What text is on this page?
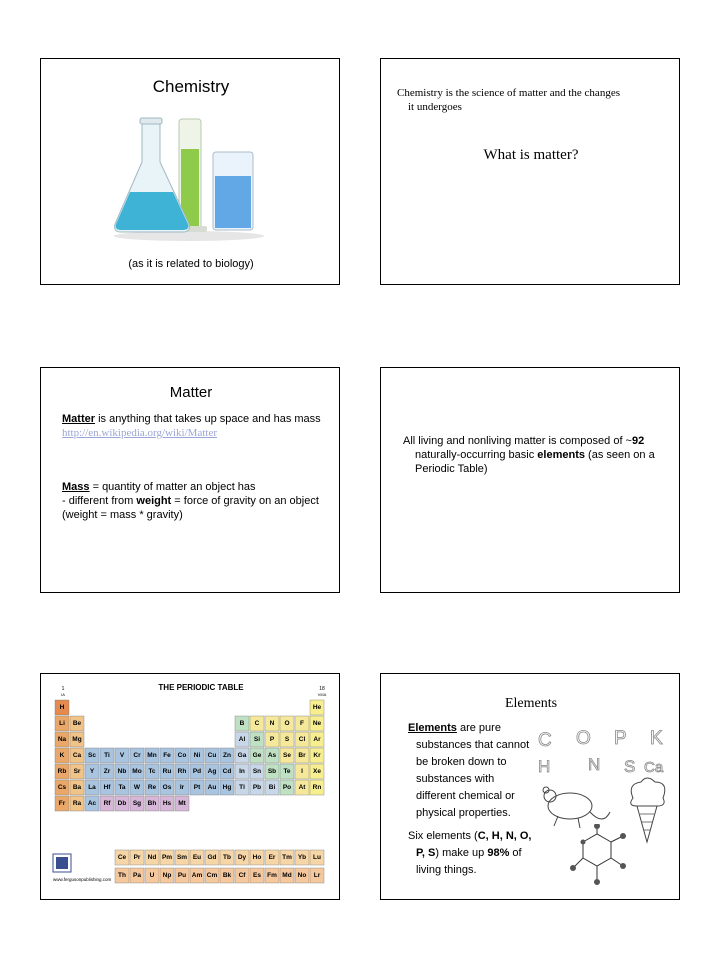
Chemistry
(as it is related to biology)
Chemistry is the science of matter and the changes
it undergoes
What is matter?
Matter
Matter is anything that takes up space and has mass
http://en.wikipedia.org/wiki/Matter
Mass = quantity of matter an object has
- different from weight = force of gravity on an object (weight = mass * gravity)
All living and nonliving matter is composed of ~92 naturally-occurring basic elements (as seen on a Periodic Table)
THE PERIODIC TABLE
1
IA
18
VIIIA
H	He
Li Be	B C N O F Ne
Na Mg	Al Si P S Cl Ar
K Ca Sc Ti V Cr Mn Fe Co Ni Cu Zn Ga Ge As Se Br Kr
Rb Sr Y Zr Nb Mo Tc Ru Rh Pd Ag Cd In Sn Sb Te I Xe
Cs Ba La Hf Ta W Re Os Ir Pt Au Hg Tl Pb Bi Po At Rn
Fr Ra Ac Rf Db Sg Bh Hs Mt
Ce Pr Nd Pm Sm Eu Gd Tb Dy Ho Er Tm Yb Lu
Th Pa U Np Pu Am Cm Bk Cf Es Fm Md No Lr
www.fergusonpublishing.com
Elements
Elements are pure substances that cannot be broken down to substances with different chemical or physical properties.
Six elements (C, H, N, O, P, S) make up 98% of living things.
C O P K
H N S Ca
